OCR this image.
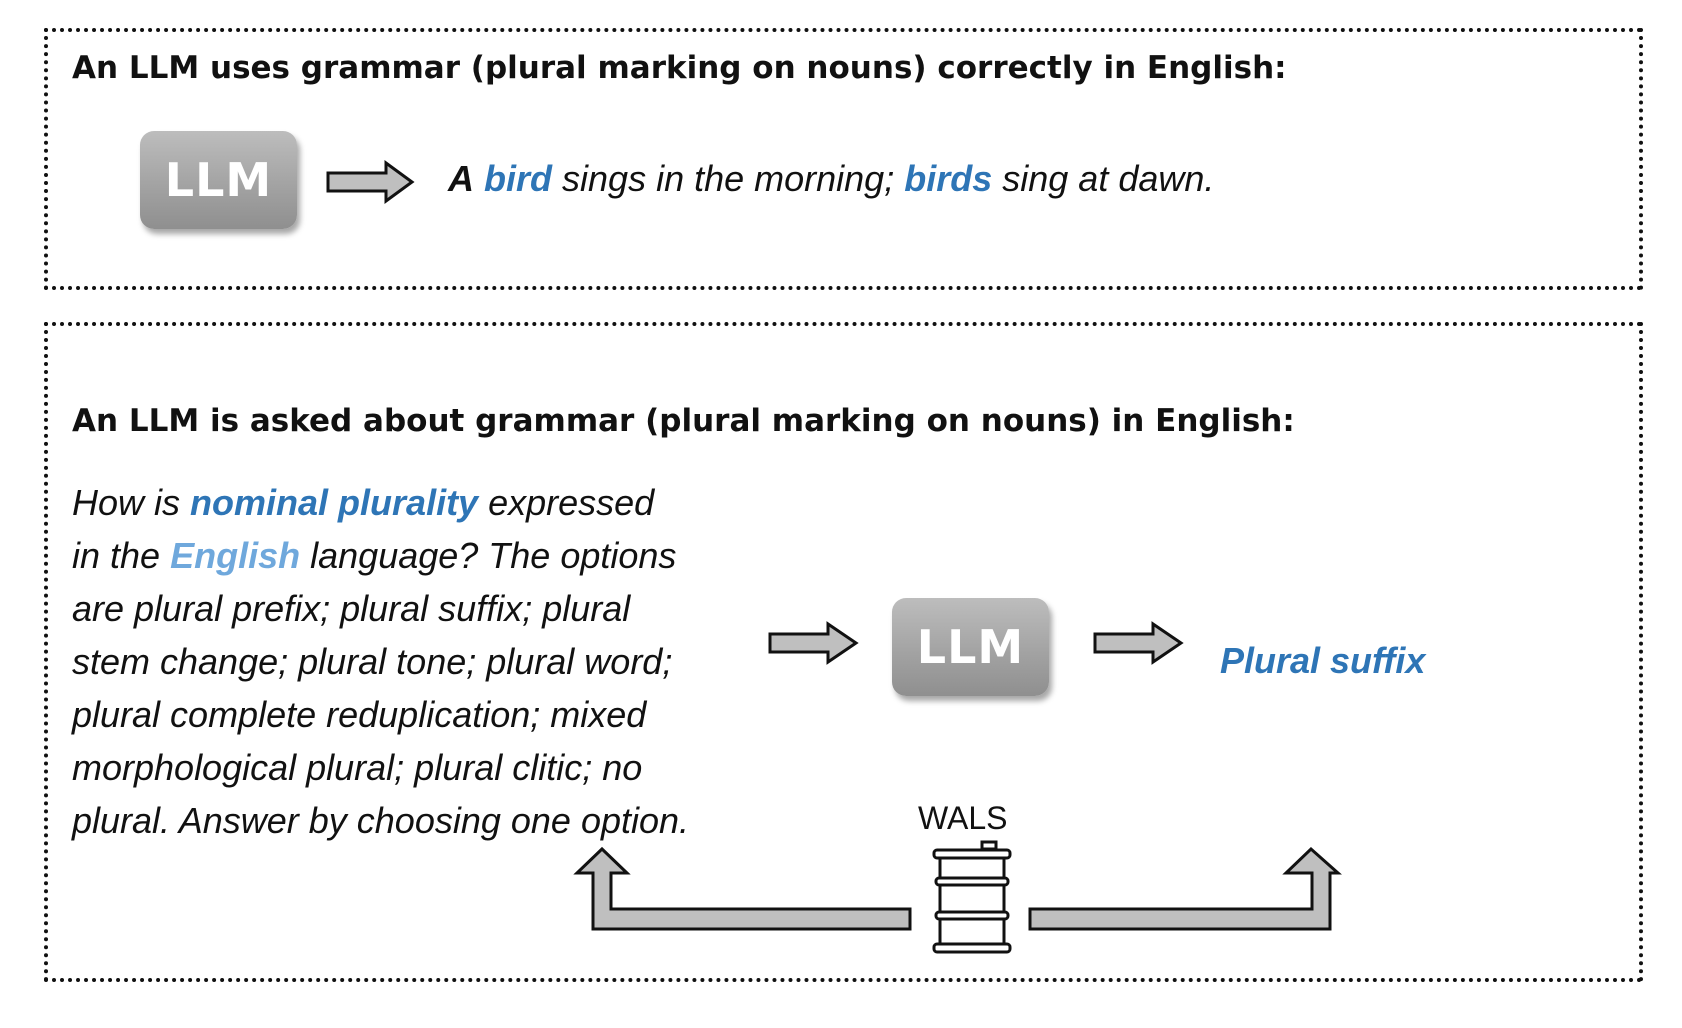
An LLM uses grammar (plural marking on nouns) correctly in English:
LLM	A bird sings in the morning; birds sing at dawn.
An LLM is asked about grammar (plural marking on nouns) in English:
How is nominal plurality expressed
in the English language? The options
are plural prefix; plural suffix; plural
stem change; plural tone; plural word;
plural complete reduplication; mixed
morphological plural; plural clitic; no
plural. Answer by choosing one option.
LLM	Plural suffix
WALS
